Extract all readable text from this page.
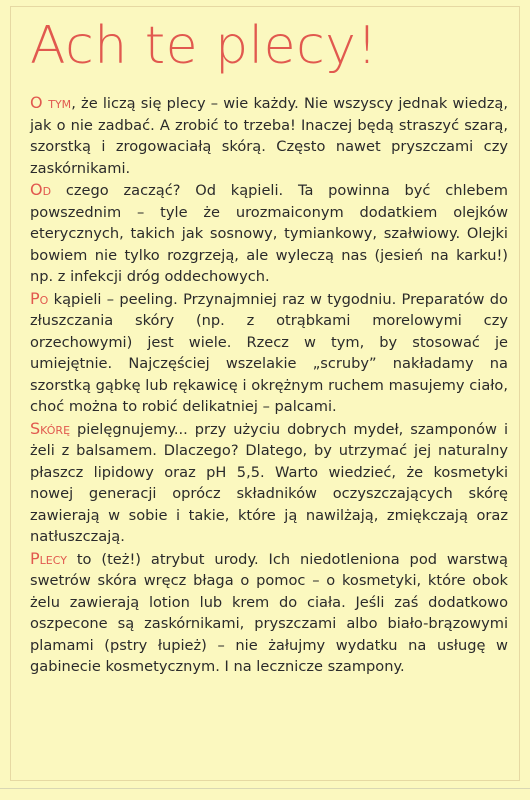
Ach te plecy!

O tym, że liczą się plecy – wie każdy. Nie wszyscy jednak wiedzą, jak o nie zadbać. A zrobić to trzeba! Inaczej będą straszyć szarą, szorstką i zrogowaciałą skórą. Często nawet pryszczami czy zaskórnikami.

Od czego zacząć? Od kąpieli. Ta powinna być chlebem powszednim – tyle że urozmaiconym dodatkiem olejków eterycznych, takich jak sosnowy, tymiankowy, szałwiowy. Olejki bowiem nie tylko rozgrzeją, ale wyleczą nas (jesień na karku!) np. z infekcji dróg oddechowych.

Po kąpieli – peeling. Przynajmniej raz w tygodniu. Preparatów do złuszczania skóry (np. z otrąbkami morelowymi czy orzechowymi) jest wiele. Rzecz w tym, by stosować je umiejętnie. Najczęściej wszelakie „scruby” nakładamy na szorstką gąbkę lub rękawicę i okrężnym ruchem masujemy ciało, choć można to robić delikatniej – palcami.

Skórę pielęgnujemy... przy użyciu dobrych mydeł, szamponów i żeli z balsamem. Dlaczego? Dlatego, by utrzymać jej naturalny płaszcz lipidowy oraz pH 5,5. Warto wiedzieć, że kosmetyki nowej generacji oprócz składników oczyszczających skórę zawierają w sobie i takie, które ją nawilżają, zmiękczają oraz natłuszczają.

Plecy to (też!) atrybut urody. Ich niedotleniona pod warstwą swetrów skóra wręcz błaga o pomoc – o kosmetyki, które obok żelu zawierają lotion lub krem do ciała. Jeśli zaś dodatkowo oszpecone są zaskórnikami, pryszczami albo biało-brązowymi plamami (pstry łupież) – nie żałujmy wydatku na usługę w gabinecie kosmetycznym. I na lecznicze szampony.
